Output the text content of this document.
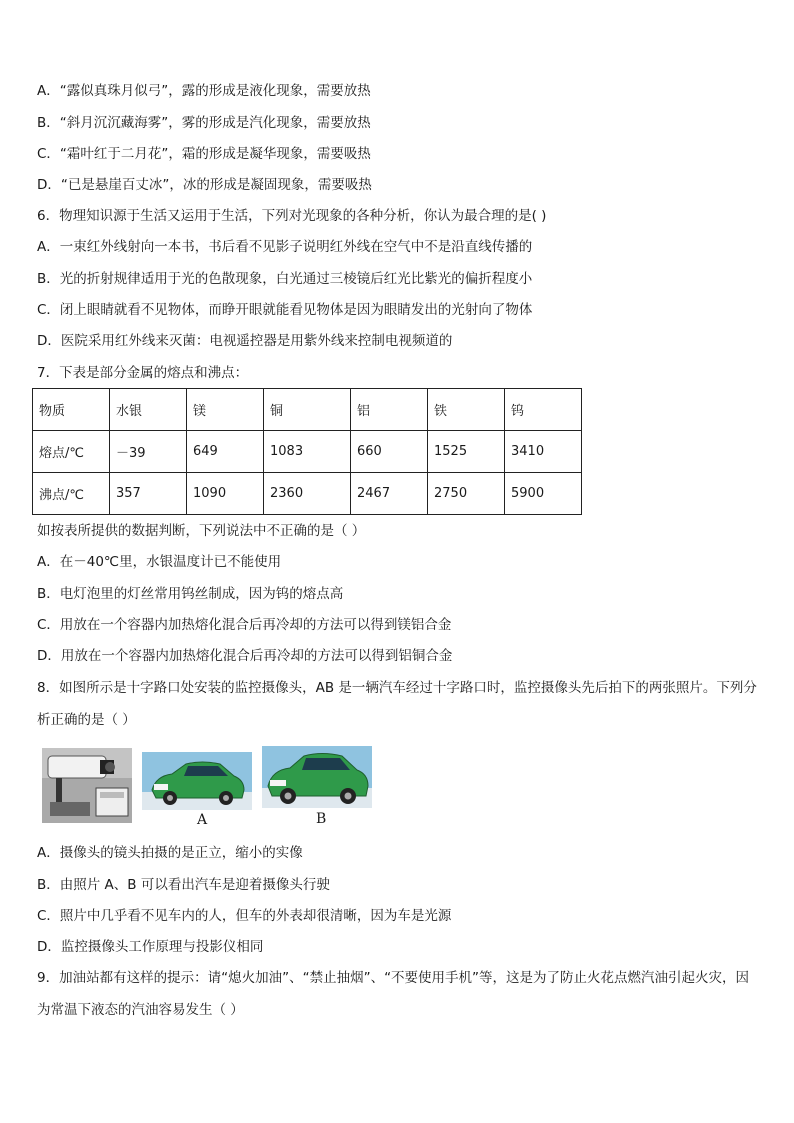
A．“露似真珠月似弓”，露的形成是液化现象，需要放热
B．“斜月沉沉藏海雾”，雾的形成是汽化现象，需要放热
C．“霜叶红于二月花”，霜的形成是凝华现象，需要吸热
D．“已是悬崖百丈冰”，冰的形成是凝固现象，需要吸热
6．物理知识源于生活又运用于生活，下列对光现象的各种分析，你认为最合理的是( )
A．一束红外线射向一本书，书后看不见影子说明红外线在空气中不是沿直线传播的
B．光的折射规律适用于光的色散现象，白光通过三棱镜后红光比紫光的偏折程度小
C．闭上眼睛就看不见物体，而睁开眼就能看见物体是因为眼睛发出的光射向了物体
D．医院采用红外线来灭菌：电视遥控器是用紫外线来控制电视频道的
7．下表是部分金属的熔点和沸点：
物质	水银	镁	铜	铝	铁	钨
熔点/℃	－39	649	1083	660	1525	3410
沸点/℃	357	1090	2360	2467	2750	5900
如按表所提供的数据判断，下列说法中不正确的是（ ）
A．在－40℃里，水银温度计已不能使用
B．电灯泡里的灯丝常用钨丝制成，因为钨的熔点高
C．用放在一个容器内加热熔化混合后再冷却的方法可以得到镁铝合金
D．用放在一个容器内加热熔化混合后再冷却的方法可以得到铝铜合金
8．如图所示是十字路口处安装的监控摄像头，AB 是一辆汽车经过十字路口时，监控摄像头先后拍下的两张照片。下列分析正确的是（ ）
A	B
A．摄像头的镜头拍摄的是正立，缩小的实像
B．由照片 A、B 可以看出汽车是迎着摄像头行驶
C．照片中几乎看不见车内的人，但车的外表却很清晰，因为车是光源
D．监控摄像头工作原理与投影仪相同
9．加油站都有这样的提示：请“熄火加油”、“禁止抽烟”、“不要使用手机”等，这是为了防止火花点燃汽油引起火灾，因为常温下液态的汽油容易发生（ ）
